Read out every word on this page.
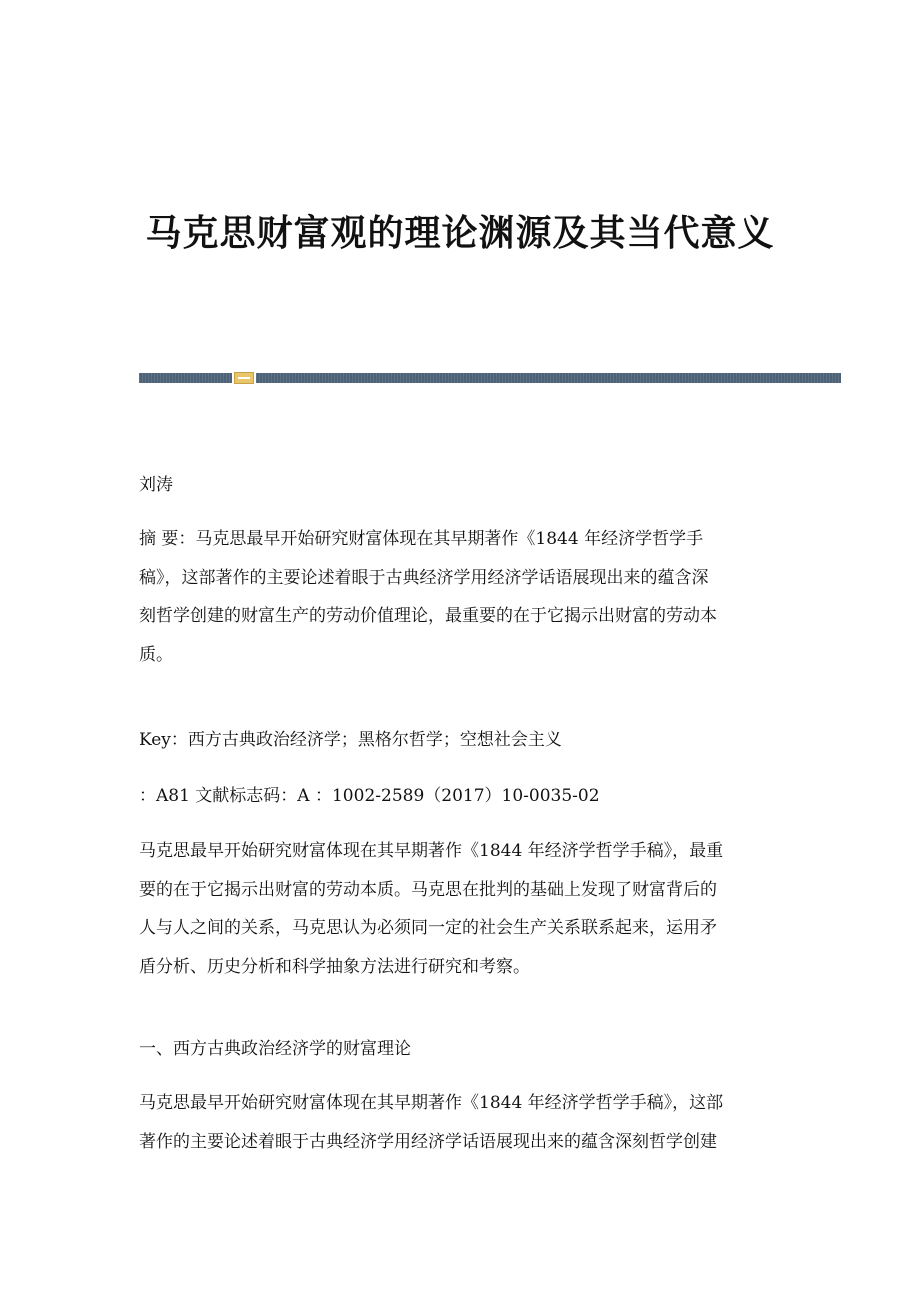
马克思财富观的理论渊源及其当代意义
刘涛
摘 要：马克思最早开始研究财富体现在其早期著作《1844 年经济学哲学手
稿》，这部著作的主要论述着眼于古典经济学用经济学话语展现出来的蕴含深
刻哲学创建的财富生产的劳动价值理论，最重要的在于它揭示出财富的劳动本
质。
Key：西方古典政治经济学；黑格尔哲学；空想社会主义
：A81 文献标志码：A ：1002-2589（2017）10-0035-02
马克思最早开始研究财富体现在其早期著作《1844 年经济学哲学手稿》，最重
要的在于它揭示出财富的劳动本质。马克思在批判的基础上发现了财富背后的
人与人之间的关系，马克思认为必须同一定的社会生产关系联系起来，运用矛
盾分析、历史分析和科学抽象方法进行研究和考察。
一、西方古典政治经济学的财富理论
马克思最早开始研究财富体现在其早期著作《1844 年经济学哲学手稿》，这部
著作的主要论述着眼于古典经济学用经济学话语展现出来的蕴含深刻哲学创建
